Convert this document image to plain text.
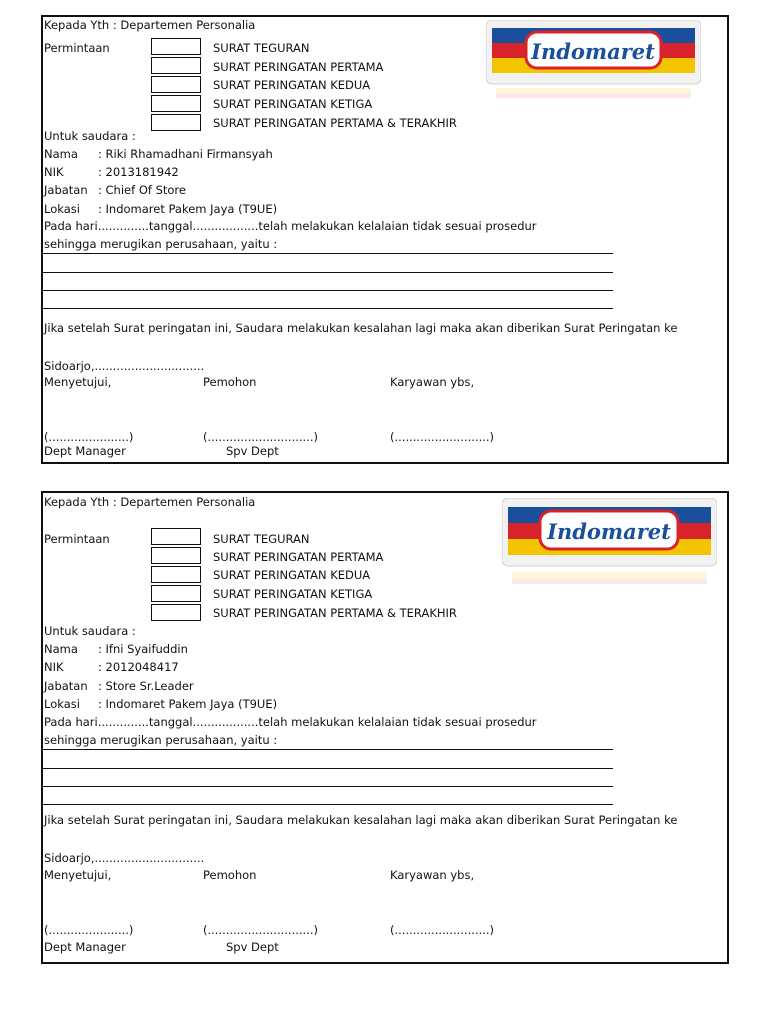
Kepada Yth : Departemen Personalia
Permintaan	SURAT TEGURAN
SURAT PERINGATAN PERTAMA
SURAT PERINGATAN KEDUA
SURAT PERINGATAN KETIGA
SURAT PERINGATAN PERTAMA & TERAKHIR
Indomaret
Untuk saudara :
Nama : Riki Rhamadhani Firmansyah
NIK	: 2013181942
Jabatan : Chief Of Store
Lokasi : Indomaret Pakem Jaya (T9UE)
Pada hari..............tanggal..................telah melakukan kelalaian tidak sesuai prosedur
sehingga merugikan perusahaan, yaitu :
Jika setelah Surat peringatan ini, Saudara melakukan kesalahan lagi maka akan diberikan Surat Peringatan ke
Sidoarjo,..............................
Menyetujui,	Pemohon	Karyawan ybs,
(......................)	(.............................)	(..........................)
Dept Manager	Spv Dept
Kepada Yth : Departemen Personalia
Permintaan	SURAT TEGURAN
SURAT PERINGATAN PERTAMA
SURAT PERINGATAN KEDUA
SURAT PERINGATAN KETIGA
SURAT PERINGATAN PERTAMA & TERAKHIR
Indomaret
Untuk saudara :
Nama : Ifni Syaifuddin
NIK	: 2012048417
Jabatan : Store Sr.Leader
Lokasi : Indomaret Pakem Jaya (T9UE)
Pada hari..............tanggal..................telah melakukan kelalaian tidak sesuai prosedur
sehingga merugikan perusahaan, yaitu :
Jika setelah Surat peringatan ini, Saudara melakukan kesalahan lagi maka akan diberikan Surat Peringatan ke
Sidoarjo,..............................
Menyetujui,	Pemohon	Karyawan ybs,
(......................)	(.............................)	(..........................)
Dept Manager	Spv Dept
